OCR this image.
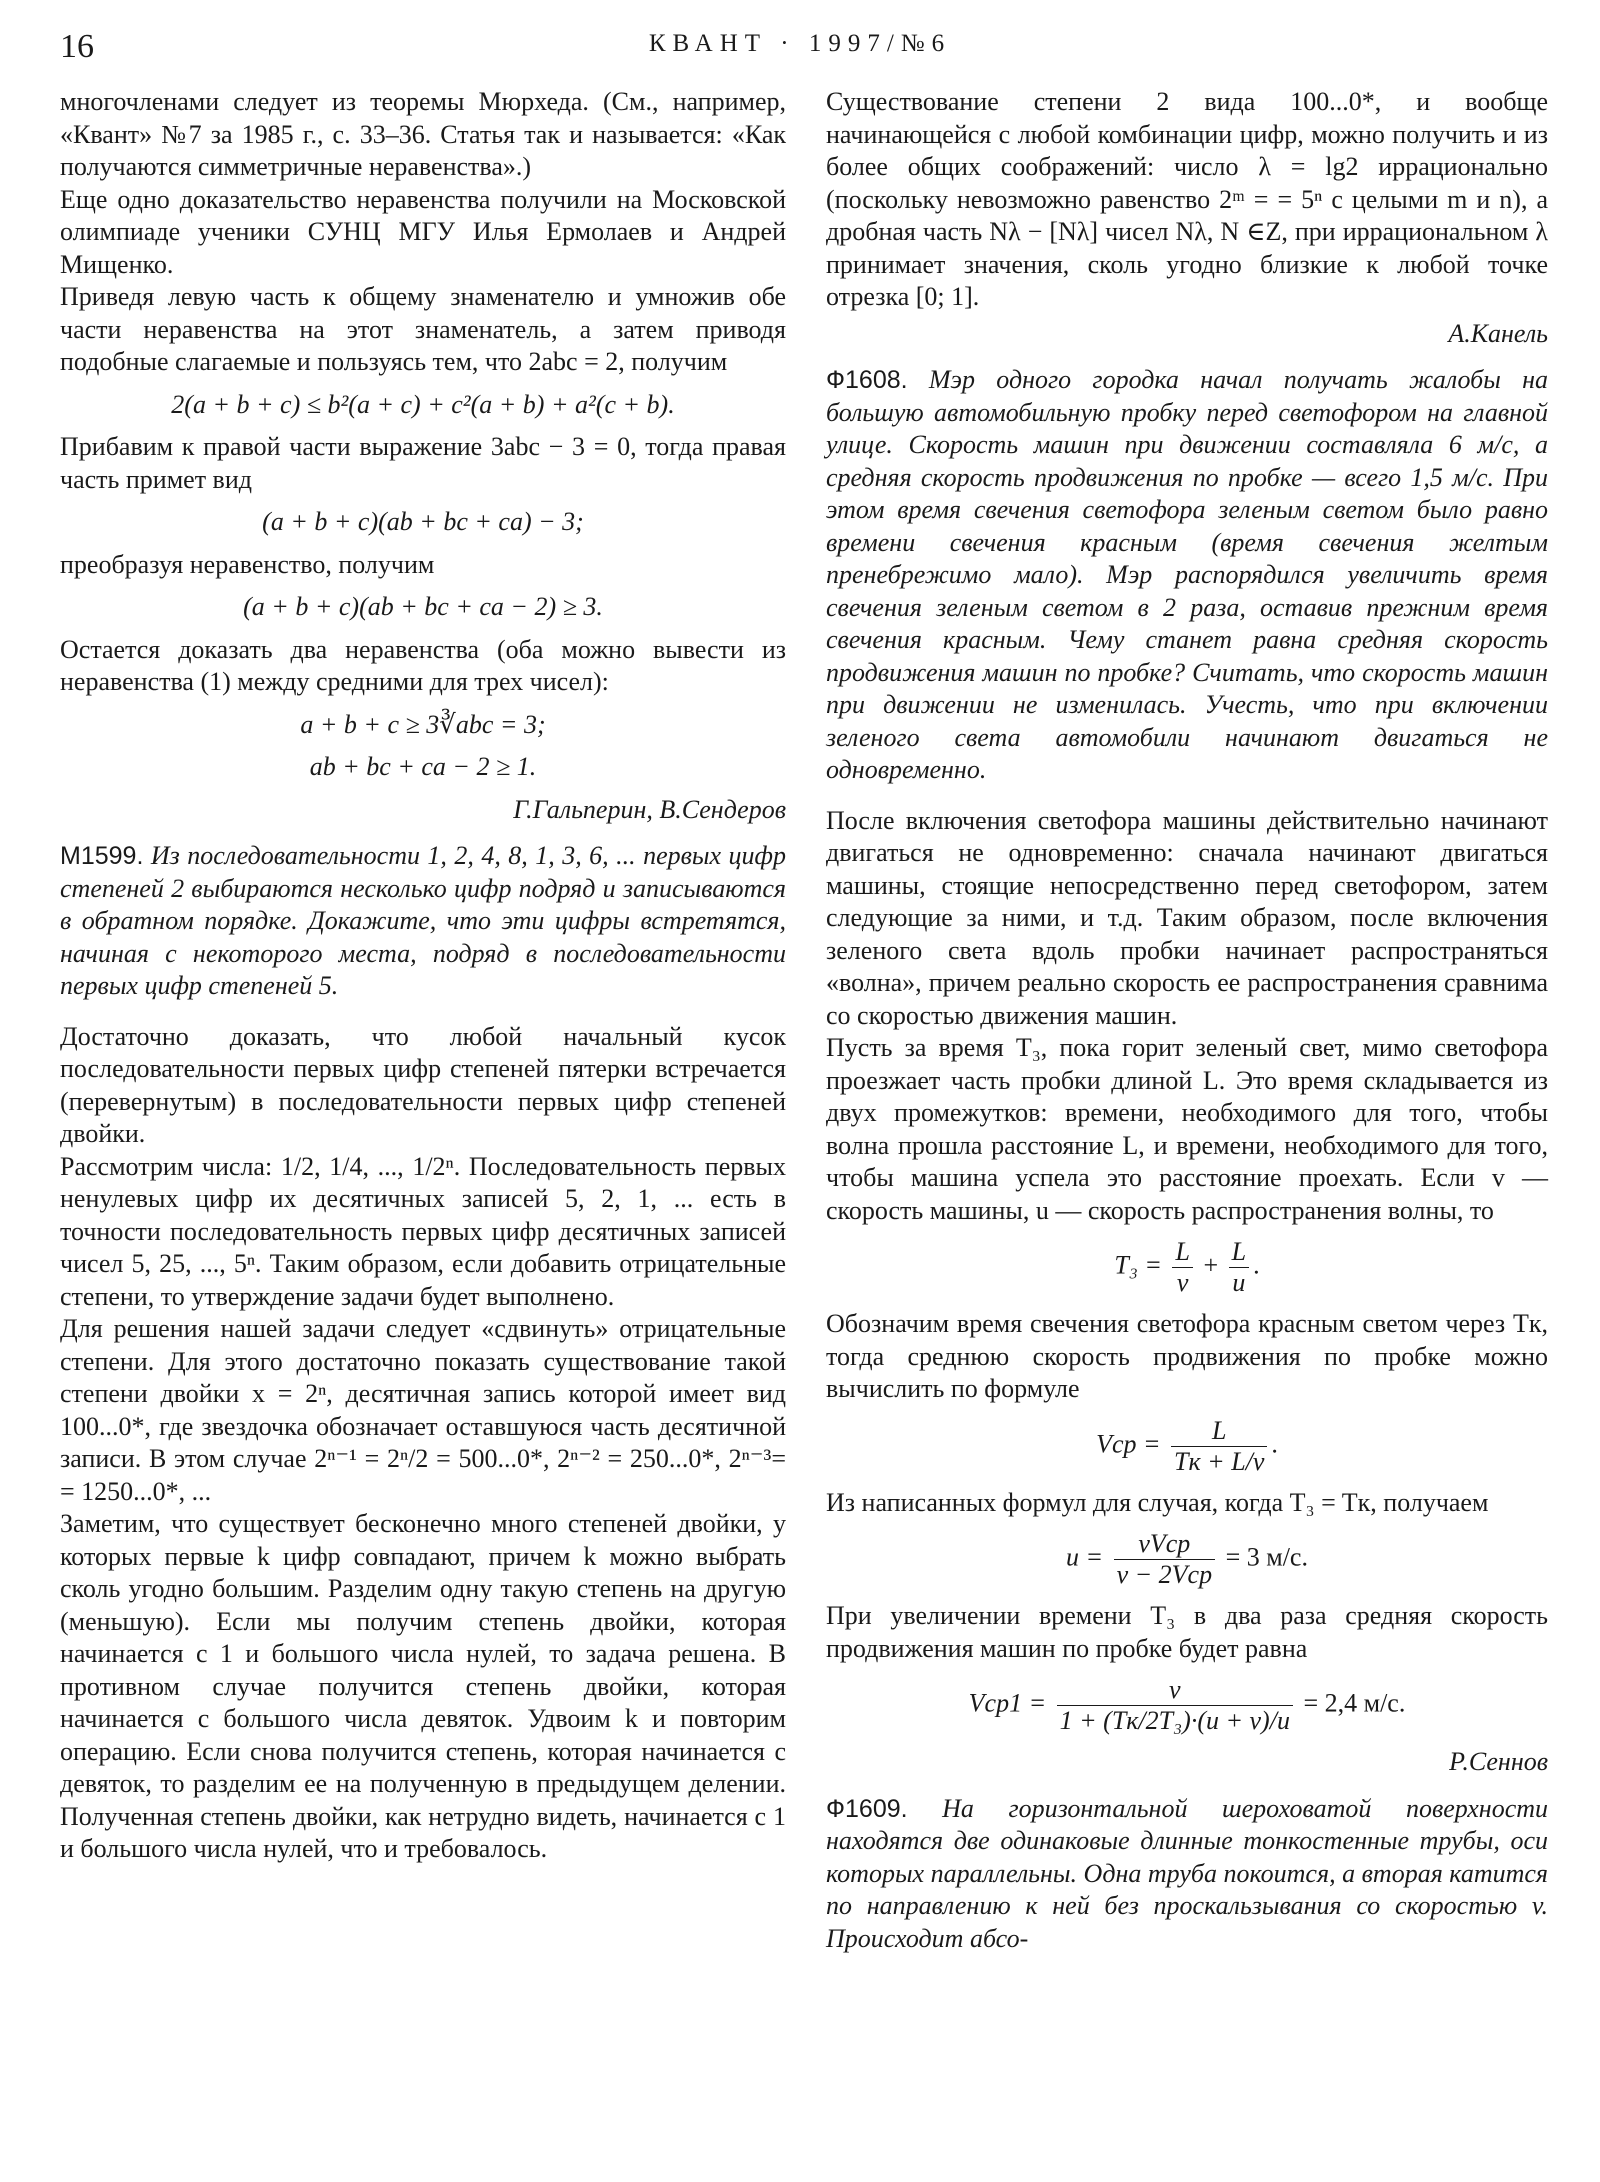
16	КВАНТ · 1997/№6

многочленами следует из теоремы Мюрхеда. (См., например, «Квант» №7 за 1985 г., с. 33–36. Статья так и называется: «Как получаются симметричные неравенства».)

Еще одно доказательство неравенства получили на Московской олимпиаде ученики СУНЦ МГУ Илья Ермолаев и Андрей Мищенко.

Приведя левую часть к общему знаменателю и умножив обе части неравенства на этот знаменатель, а затем приводя подобные слагаемые и пользуясь тем, что 2abc = 2, получим

2(a + b + c) ≤ b²(a + c) + c²(a + b) + a²(c + b).

Прибавим к правой части выражение 3abc − 3 = 0, тогда правая часть примет вид

(a + b + c)(ab + bc + ca) − 3;

преобразуя неравенство, получим

(a + b + c)(ab + bc + ca − 2) ≥ 3.

Остается доказать два неравенства (оба можно вывести из неравенства (1) между средними для трех чисел):

a + b + c ≥ 3∛abc = 3;
ab + bc + ca − 2 ≥ 1.
Г.Гальперин, В.Сендеров

М1599. Из последовательности 1, 2, 4, 8, 1, 3, 6, ... первых цифр степеней 2 выбираются несколько цифр подряд и записываются в обратном порядке. Докажите, что эти цифры встретятся, начиная с некоторого места, подряд в последовательности первых цифр степеней 5.

Достаточно доказать, что любой начальный кусок последовательности первых цифр степеней пятерки встречается (перевернутым) в последовательности первых цифр степеней двойки.

Рассмотрим числа: 1/2, 1/4, ..., 1/2ⁿ. Последовательность первых ненулевых цифр их десятичных записей 5, 2, 1, ... есть в точности последовательность первых цифр десятичных записей чисел 5, 25, ..., 5ⁿ. Таким образом, если добавить отрицательные степени, то утверждение задачи будет выполнено.

Для решения нашей задачи следует «сдвинуть» отрицательные степени. Для этого достаточно показать существование такой степени двойки x = 2ⁿ, десятичная запись которой имеет вид 100...0*, где звездочка обозначает оставшуюся часть десятичной записи. В этом случае 2ⁿ⁻¹ = 2ⁿ/2 = 500...0*, 2ⁿ⁻² = 250...0*, 2ⁿ⁻³= = 1250...0*, ...

Заметим, что существует бесконечно много степеней двойки, у которых первые k цифр совпадают, причем k можно выбрать сколь угодно большим. Разделим одну такую степень на другую (меньшую). Если мы получим степень двойки, которая начинается с 1 и большого числа нулей, то задача решена. В противном случае получится степень двойки, которая начинается с большого числа девяток. Удвоим k и повторим операцию. Если снова получится степень, которая начинается с девяток, то разделим ее на полученную в предыдущем делении. Полученная степень двойки, как нетрудно видеть, начинается с 1 и большого числа нулей, что и требовалось.

Существование степени 2 вида 100...0*, и вообще начинающейся с любой комбинации цифр, можно получить и из более общих соображений: число λ = lg2 иррационально (поскольку невозможно равенство 2ᵐ = = 5ⁿ с целыми m и n), а дробная часть Nλ − [Nλ] чисел Nλ, N ∈Z, при иррациональном λ принимает значения, сколь угодно близкие к любой точке отрезка [0; 1].

А.Канель

Ф1608. Мэр одного городка начал получать жалобы на большую автомобильную пробку перед светофором на главной улице. Скорость машин при движении составляла 6 м/с, а средняя скорость продвижения по пробке — всего 1,5 м/с. При этом время свечения светофора зеленым светом было равно времени свечения красным (время свечения желтым пренебрежимо мало). Мэр распорядился увеличить время свечения зеленым светом в 2 раза, оставив прежним время свечения красным. Чему станет равна средняя скорость продвижения машин по пробке? Считать, что скорость машин при движении не изменилась. Учесть, что при включении зеленого света автомобили начинают двигаться не одновременно.

После включения светофора машины действительно начинают двигаться не одновременно: сначала начинают двигаться машины, стоящие непосредственно перед светофором, затем следующие за ними, и т.д. Таким образом, после включения зеленого света вдоль пробки начинает распространяться «волна», причем реально скорость ее распространения сравнима со скоростью движения машин.

Пусть за время T₃, пока горит зеленый свет, мимо светофора проезжает часть пробки длиной L. Это время складывается из двух промежутков: времени, необходимого для того, чтобы волна прошла расстояние L, и времени, необходимого для того, чтобы машина успела это расстояние проехать. Если v — скорость машины, u — скорость распространения волны, то

$T_3 = \frac{L}{v} + \frac{L}{u}$ .

Обозначим время свечения светофора красным светом через Tк, тогда среднюю скорость продвижения по пробке можно вычислить по формуле

Vср = $\frac{L}{Tк + L/v}$ .

Из написанных формул для случая, когда T₃ = Tк, получаем

$u = \frac{\text{vVср}}{\text{v − 2Vср}} = 3$ м/с.

При увеличении времени T₃ в два раза средняя скорость продвижения машин по пробке будет равна

$Vср1 = \frac{v}{\text{1 + (Tк/2T₃)·(u + v)/u}} = 2,4$ м/с.
Р.Сеннов

Ф1609. На горизонтальной шероховатой поверхности находятся две одинаковые длинные тонкостенные трубы, оси которых параллельны. Одна труба покоится, а вторая катится по направлению к ней без проскальзывания со скоростью v. Происходит абсо-
